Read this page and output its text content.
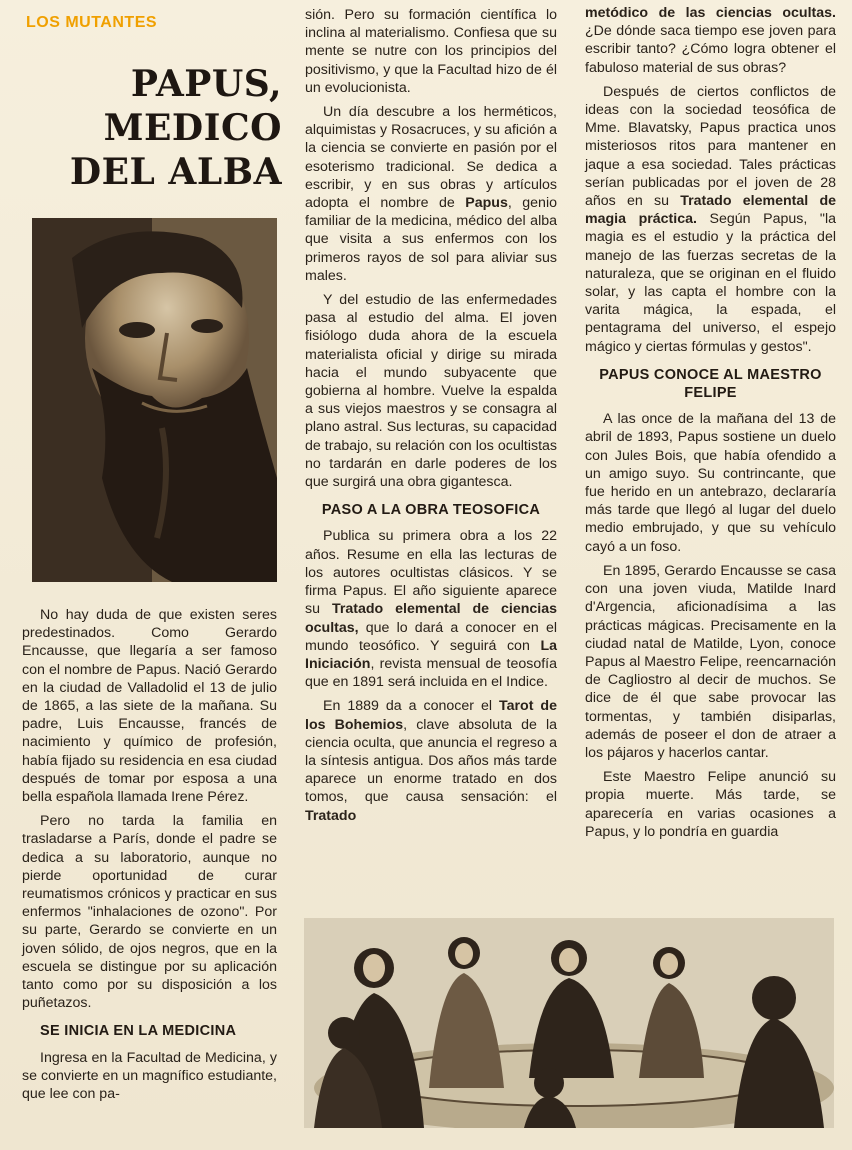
LOS MUTANTES
PAPUS,
MEDICO
DEL ALBA

No hay duda de que existen seres predestinados. Como Gerardo Encausse, que llegaría a ser famoso con el nombre de Papus. Nació Gerardo en la ciudad de Valladolid el 13 de julio de 1865, a las siete de la mañana. Su padre, Luis Encausse, francés de nacimiento y químico de profesión, había fijado su residencia en esa ciudad después de tomar por esposa a una bella española llamada Irene Pérez.

Pero no tarda la familia en trasladarse a París, donde el padre se dedica a su laboratorio, aunque no pierde oportunidad de curar reumatismos crónicos y practicar en sus enfermos "inhalaciones de ozono". Por su parte, Gerardo se convierte en un joven sólido, de ojos negros, que en la escuela se distingue por su aplicación tanto como por su disposición a los puñetazos.

SE INICIA EN LA MEDICINA

Ingresa en la Facultad de Medicina, y se convierte en un magnífico estudiante, que lee con pa-

sión. Pero su formación científica lo inclina al materialismo. Confiesa que su mente se nutre con los principios del positivismo, y que la Facultad hizo de él un evolucionista.

Un día descubre a los herméticos, alquimistas y Rosacruces, y su afición a la ciencia se convierte en pasión por el esoterismo tradicional. Se dedica a escribir, y en sus obras y artículos adopta el nombre de Papus, genio familiar de la medicina, médico del alba que visita a sus enfermos con los primeros rayos de sol para aliviar sus males.

Y del estudio de las enfermedades pasa al estudio del alma. El joven fisiólogo duda ahora de la escuela materialista oficial y dirige su mirada hacia el mundo subyacente que gobierna al hombre. Vuelve la espalda a sus viejos maestros y se consagra al plano astral. Sus lecturas, su capacidad de trabajo, su relación con los ocultistas no tardarán en darle poderes de los que surgirá una obra gigantesca.

PASO A LA OBRA TEOSOFICA

Publica su primera obra a los 22 años. Resume en ella las lecturas de los autores ocultistas clásicos. Y se firma Papus. El año siguiente aparece su Tratado elemental de ciencias ocultas, que lo dará a conocer en el mundo teosófico. Y seguirá con La Iniciación, revista mensual de teosofía que en 1891 será incluida en el Indice.

En 1889 da a conocer el Tarot de los Bohemios, clave absoluta de la ciencia oculta, que anuncia el regreso a la síntesis antigua. Dos años más tarde aparece un enorme tratado en dos tomos, que causa sensación: el Tratado

metódico de las ciencias ocultas. ¿De dónde saca tiempo ese joven para escribir tanto? ¿Cómo logra obtener el fabuloso material de sus obras?

Después de ciertos conflictos de ideas con la sociedad teosófica de Mme. Blavatsky, Papus practica unos misteriosos ritos para mantener en jaque a esa sociedad. Tales prácticas serían publicadas por el joven de 28 años en su Tratado elemental de magia práctica. Según Papus, "la magia es el estudio y la práctica del manejo de las fuerzas secretas de la naturaleza, que se originan en el fluido solar, y las capta el hombre con la varita mágica, la espada, el pentagrama del universo, el espejo mágico y ciertas fórmulas y gestos".

PAPUS CONOCE AL MAESTRO FELIPE

A las once de la mañana del 13 de abril de 1893, Papus sostiene un duelo con Jules Bois, que había ofendido a un amigo suyo. Su contrincante, que fue herido en un antebrazo, declararía más tarde que llegó al lugar del duelo medio embrujado, y que su vehículo cayó a un foso.

En 1895, Gerardo Encausse se casa con una joven viuda, Matilde Inard d'Argencia, aficionadísima a las prácticas mágicas. Precisamente en la ciudad natal de Matilde, Lyon, conoce Papus al Maestro Felipe, reencarnación de Cagliostro al decir de muchos. Se dice de él que sabe provocar las tormentas, y también disiparlas, además de poseer el don de atraer a los pájaros y hacerlos cantar.

Este Maestro Felipe anunció su propia muerte. Más tarde, se aparecería en varias ocasiones a Papus, y lo pondría en guardia
